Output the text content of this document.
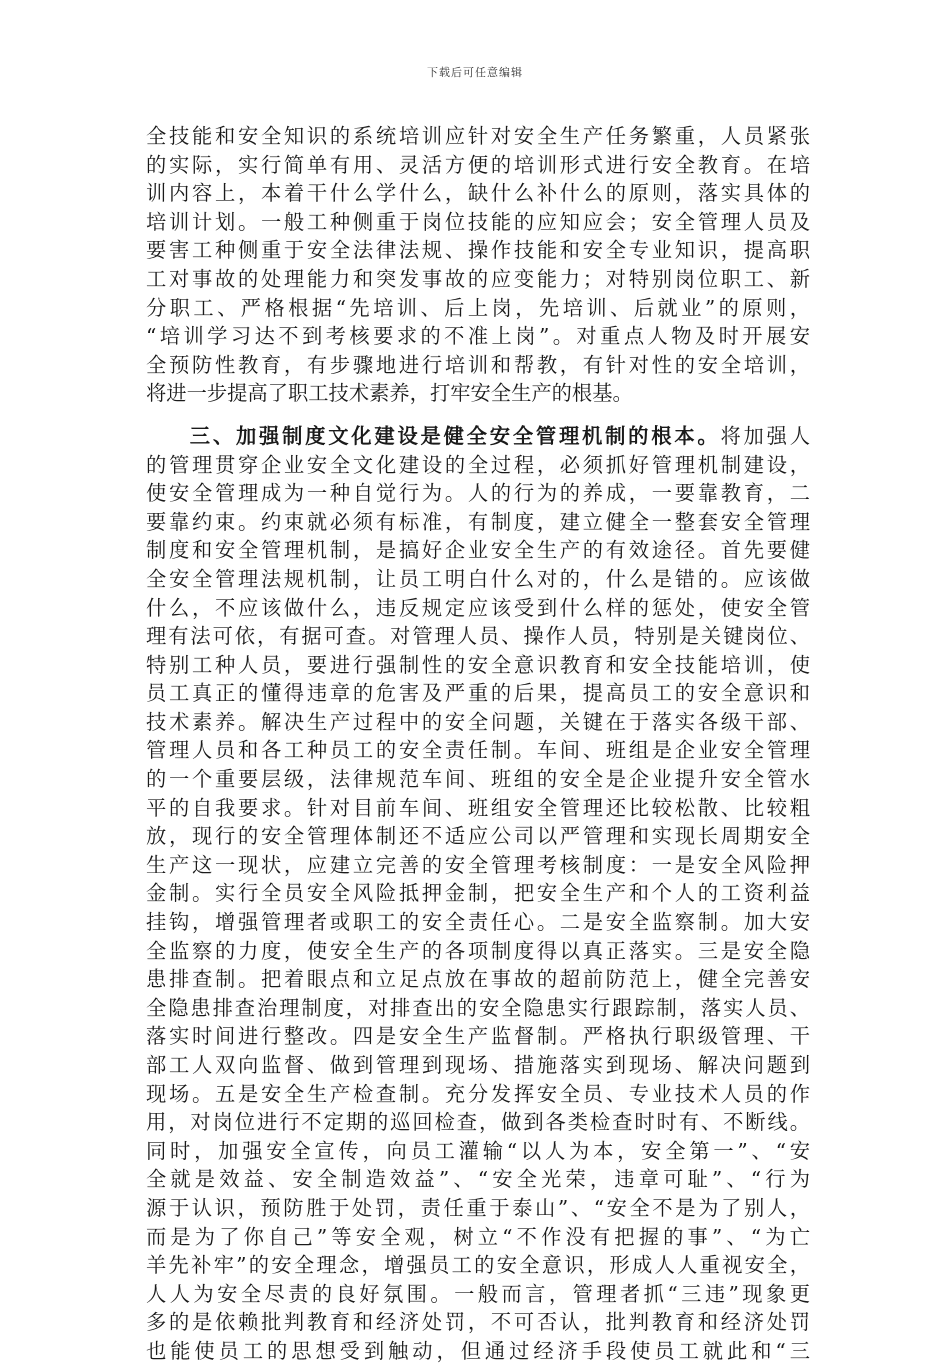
下载后可任意编辑

全技能和安全知识的系统培训应针对安全生产任务繁重，人员紧张
的实际，实行简单有用、灵活方便的培训形式进行安全教育。在培
训内容上，本着干什么学什么，缺什么补什么的原则，落实具体的
培训计划。一般工种侧重于岗位技能的应知应会；安全管理人员及
要害工种侧重于安全法律法规、操作技能和安全专业知识，提高职
工对事故的处理能力和突发事故的应变能力；对特别岗位职工、新
分职工、严格根据“先培训、后上岗，先培训、后就业”的原则，
“培训学习达不到考核要求的不准上岗”。对重点人物及时开展安
全预防性教育，有步骤地进行培训和帮教，有针对性的安全培训，
将进一步提高了职工技术素养，打牢安全生产的根基。

三、加强制度文化建设是健全安全管理机制的根本。将加强人
的管理贯穿企业安全文化建设的全过程，必须抓好管理机制建设，
使安全管理成为一种自觉行为。人的行为的养成，一要靠教育，二
要靠约束。约束就必须有标准，有制度，建立健全一整套安全管理
制度和安全管理机制，是搞好企业安全生产的有效途径。首先要健
全安全管理法规机制，让员工明白什么对的，什么是错的。应该做
什么，不应该做什么，违反规定应该受到什么样的惩处，使安全管
理有法可依，有据可查。对管理人员、操作人员，特别是关键岗位、
特别工种人员，要进行强制性的安全意识教育和安全技能培训，使
员工真正的懂得违章的危害及严重的后果，提高员工的安全意识和
技术素养。解决生产过程中的安全问题，关键在于落实各级干部、
管理人员和各工种员工的安全责任制。车间、班组是企业安全管理
的一个重要层级，法律规范车间、班组的安全是企业提升安全管水
平的自我要求。针对目前车间、班组安全管理还比较松散、比较粗
放，现行的安全管理体制还不适应公司以严管理和实现长周期安全
生产这一现状，应建立完善的安全管理考核制度：一是安全风险押
金制。实行全员安全风险抵押金制，把安全生产和个人的工资利益
挂钩，增强管理者或职工的安全责任心。二是安全监察制。加大安
全监察的力度，使安全生产的各项制度得以真正落实。三是安全隐
患排查制。把着眼点和立足点放在事故的超前防范上，健全完善安
全隐患排查治理制度，对排查出的安全隐患实行跟踪制，落实人员、
落实时间进行整改。四是安全生产监督制。严格执行职级管理、干
部工人双向监督、做到管理到现场、措施落实到现场、解决问题到
现场。五是安全生产检查制。充分发挥安全员、专业技术人员的作
用，对岗位进行不定期的巡回检查，做到各类检查时时有、不断线。
同时，加强安全宣传，向员工灌输“以人为本，安全第一”、“安
全就是效益、安全制造效益”、“安全光荣，违章可耻”、“行为
源于认识，预防胜于处罚，责任重于泰山”、“安全不是为了别人，
而是为了你自己”等安全观，树立“不作没有把握的事”、“为亡
羊先补牢”的安全理念，增强员工的安全意识，形成人人重视安全，
人人为安全尽责的良好氛围。一般而言，管理者抓“三违”现象更
多的是依赖批判教育和经济处罚，不可否认，批判教育和经济处罚
也能使员工的思想受到触动，但通过经济手段使员工就此和“三
